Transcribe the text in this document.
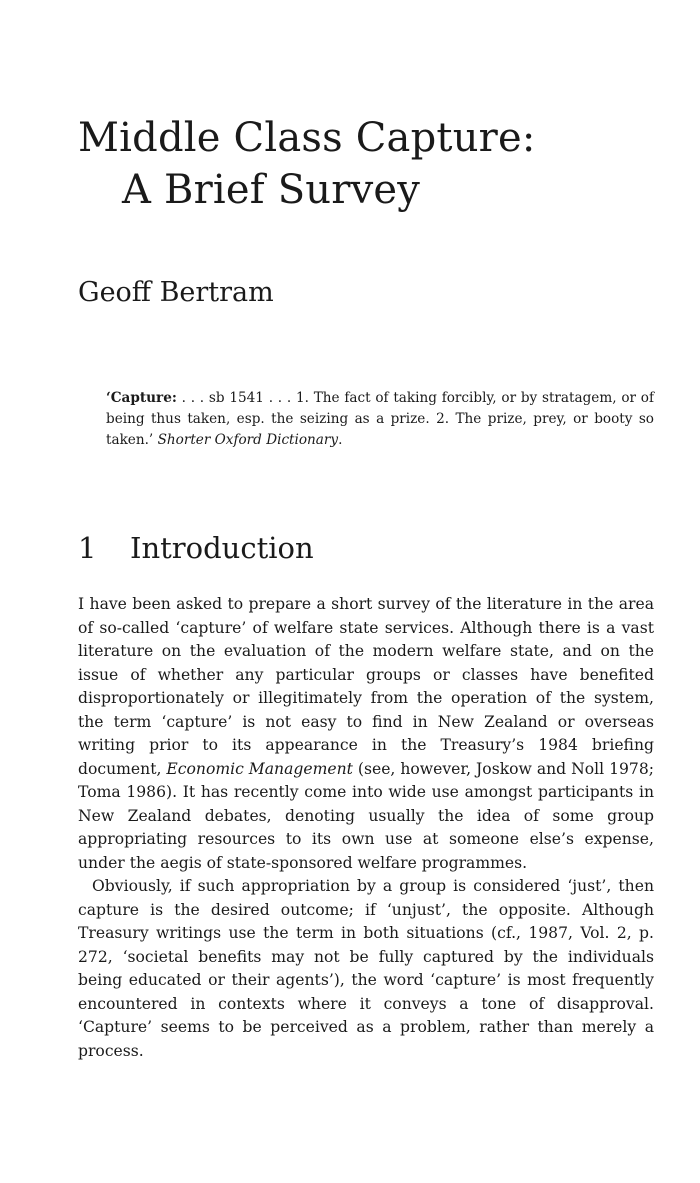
Middle Class Capture:
A Brief Survey
Geoff Bertram

‘Capture: . . . sb 1541 . . . 1. The fact of taking forcibly, or by stratagem, or of being thus taken, esp. the seizing as a prize. 2. The prize, prey, or booty so taken.’ Shorter Oxford Dictionary.

1 Introduction

I have been asked to prepare a short survey of the literature in the area of so-called ‘capture’ of welfare state services. Although there is a vast literature on the evaluation of the modern welfare state, and on the issue of whether any particular groups or classes have benefited disproportionately or illegitimately from the operation of the system, the term ‘capture’ is not easy to find in New Zealand or overseas writing prior to its appearance in the Treasury’s 1984 briefing document, Economic Management (see, however, Joskow and Noll 1978; Toma 1986). It has recently come into wide use amongst participants in New Zealand debates, denoting usually the idea of some group appropriating resources to its own use at someone else’s expense, under the aegis of state-sponsored welfare programmes.

Obviously, if such appropriation by a group is considered ‘just’, then capture is the desired outcome; if ‘unjust’, the opposite. Although Treasury writings use the term in both situations (cf., 1987, Vol. 2, p. 272, ‘societal benefits may not be fully captured by the individuals being educated or their agents’), the word ‘capture’ is most frequently encountered in contexts where it conveys a tone of disapproval. ‘Capture’ seems to be perceived as a problem, rather than merely a process.
